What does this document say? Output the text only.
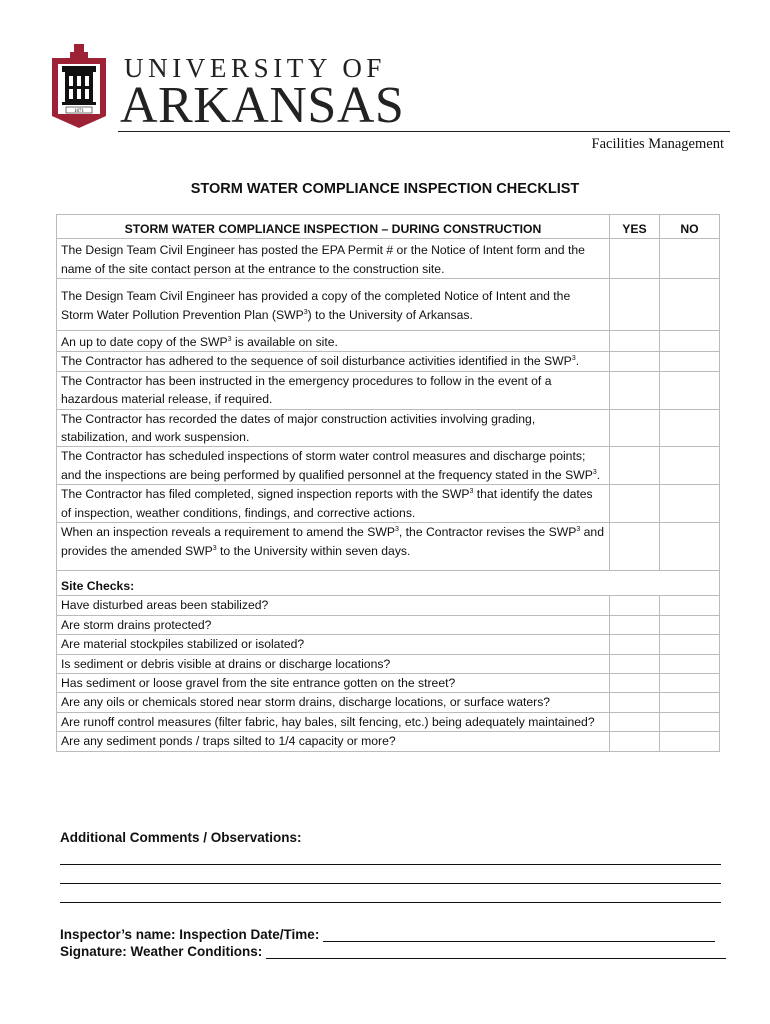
1871
UNIVERSITY OF
ARKANSAS
Facilities Management
STORM WATER COMPLIANCE INSPECTION CHECKLIST
STORM WATER COMPLIANCE INSPECTION – DURING CONSTRUCTION	YES	NO
The Design Team Civil Engineer has posted the EPA Permit # or the Notice of Intent form and the name of the site contact person at the entrance to the construction site.		
The Design Team Civil Engineer has provided a copy of the completed Notice of Intent and the Storm Water Pollution Prevention Plan (SWP$^3$) to the University of Arkansas.		
An up to date copy of the SWP$^3$ is available on site.		
The Contractor has adhered to the sequence of soil disturbance activities identified in the SWP$^3$.		
The Contractor has been instructed in the emergency procedures to follow in the event of a hazardous material release, if required.		
The Contractor has recorded the dates of major construction activities involving grading, stabilization, and work suspension.		
The Contractor has scheduled inspections of storm water control measures and discharge points; and the inspections are being performed by qualified personnel at the frequency stated in the SWP$^3$.		
The Contractor has filed completed, signed inspection reports with the SWP$^3$ that identify the dates of inspection, weather conditions, findings, and corrective actions.		
When an inspection reveals a requirement to amend the SWP$^3$, the Contractor revises the SWP$^3$ and provides the amended SWP$^3$ to the University within seven days.		
Site Checks:		
Have disturbed areas been stabilized?		
Are storm drains protected?		
Are material stockpiles stabilized or isolated?		
Is sediment or debris visible at drains or discharge locations?		
Has sediment or loose gravel from the site entrance gotten on the street?		
Are any oils or chemicals stored near storm drains, discharge locations, or surface waters?		
Are runoff control measures (filter fabric, hay bales, silt fencing, etc.) being adequately maintained?		
Are any sediment ponds / traps silted to 1/4 capacity or more?		
Additional Comments / Observations:
Inspector’s name: Inspection Date/Time:
Signature: Weather Conditions:
